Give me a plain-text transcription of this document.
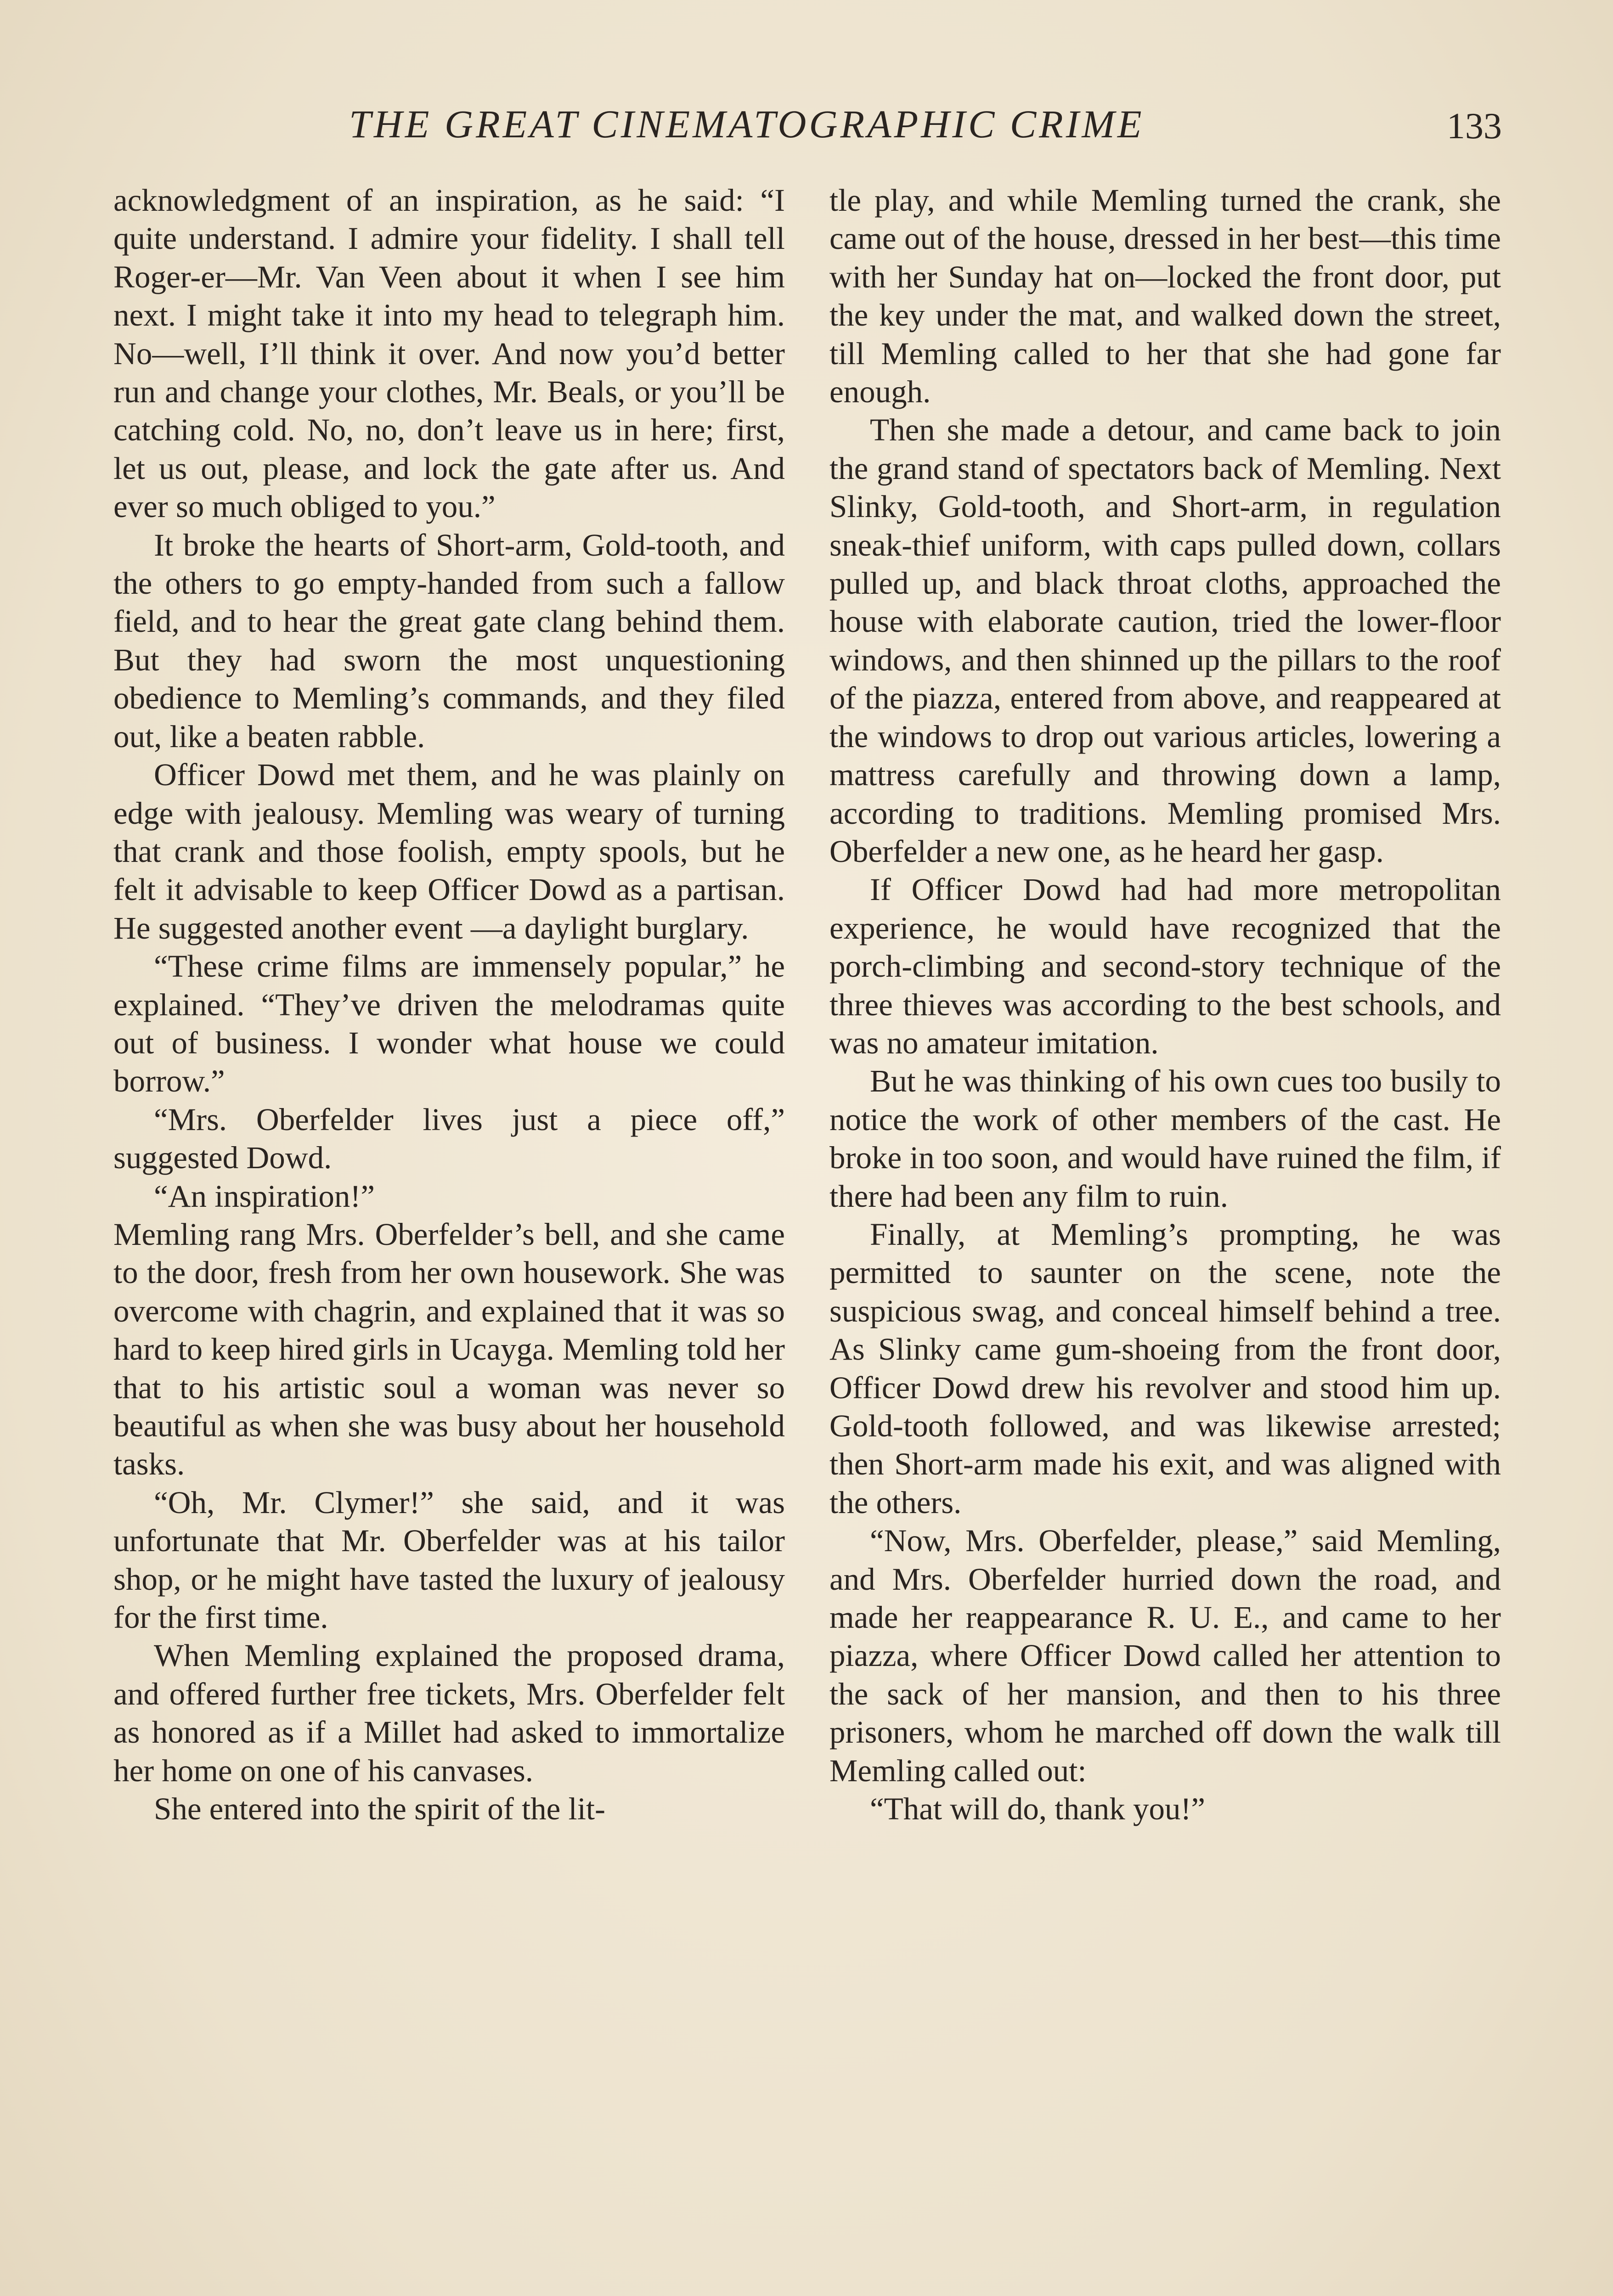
THE GREAT CINEMATOGRAPHIC CRIME	133

acknowledgment of an inspiration, as he said: “I quite understand. I admire your fidelity. I shall tell Roger-er—Mr. Van Veen about it when I see him next. I might take it into my head to telegraph him. No—well, I’ll think it over. And now you’d better run and change your clothes, Mr. Beals, or you’ll be catching cold. No, no, don’t leave us in here; first, let us out, please, and lock the gate after us. And ever so much obliged to you.”

It broke the hearts of Short-arm, Gold-tooth, and the others to go empty-handed from such a fallow field, and to hear the great gate clang behind them. But they had sworn the most unquestioning obedience to Memling’s commands, and they filed out, like a beaten rabble.

Officer Dowd met them, and he was plainly on edge with jealousy. Memling was weary of turning that crank and those foolish, empty spools, but he felt it advisable to keep Officer Dowd as a partisan. He suggested another event —a daylight burglary.

“These crime films are immensely popular,” he explained. “They’ve driven the melodramas quite out of business. I wonder what house we could borrow.”

“Mrs. Oberfelder lives just a piece off,” suggested Dowd.

“An inspiration!”

Memling rang Mrs. Oberfelder’s bell, and she came to the door, fresh from her own housework. She was overcome with chagrin, and explained that it was so hard to keep hired girls in Ucayga. Memling told her that to his artistic soul a woman was never so beautiful as when she was busy about her household tasks.

“Oh, Mr. Clymer!” she said, and it was unfortunate that Mr. Oberfelder was at his tailor shop, or he might have tasted the luxury of jealousy for the first time.

When Memling explained the proposed drama, and offered further free tickets, Mrs. Oberfelder felt as honored as if a Millet had asked to immortalize her home on one of his canvases.

She entered into the spirit of the lit-

tle play, and while Memling turned the crank, she came out of the house, dressed in her best—this time with her Sunday hat on—locked the front door, put the key under the mat, and walked down the street, till Memling called to her that she had gone far enough.

Then she made a detour, and came back to join the grand stand of spectators back of Memling. Next Slinky, Gold-tooth, and Short-arm, in regulation sneak-thief uniform, with caps pulled down, collars pulled up, and black throat cloths, approached the house with elaborate caution, tried the lower-floor windows, and then shinned up the pillars to the roof of the piazza, entered from above, and reappeared at the windows to drop out various articles, lowering a mattress carefully and throwing down a lamp, according to traditions. Memling promised Mrs. Oberfelder a new one, as he heard her gasp.

If Officer Dowd had had more metropolitan experience, he would have recognized that the porch-climbing and second-story technique of the three thieves was according to the best schools, and was no amateur imitation.

But he was thinking of his own cues too busily to notice the work of other members of the cast. He broke in too soon, and would have ruined the film, if there had been any film to ruin.

Finally, at Memling’s prompting, he was permitted to saunter on the scene, note the suspicious swag, and conceal himself behind a tree. As Slinky came gum-shoeing from the front door, Officer Dowd drew his revolver and stood him up. Gold-tooth followed, and was likewise arrested; then Short-arm made his exit, and was aligned with the others.

“Now, Mrs. Oberfelder, please,” said Memling, and Mrs. Oberfelder hurried down the road, and made her reappearance R. U. E., and came to her piazza, where Officer Dowd called her attention to the sack of her mansion, and then to his three prisoners, whom he marched off down the walk till Memling called out:

“That will do, thank you!”
